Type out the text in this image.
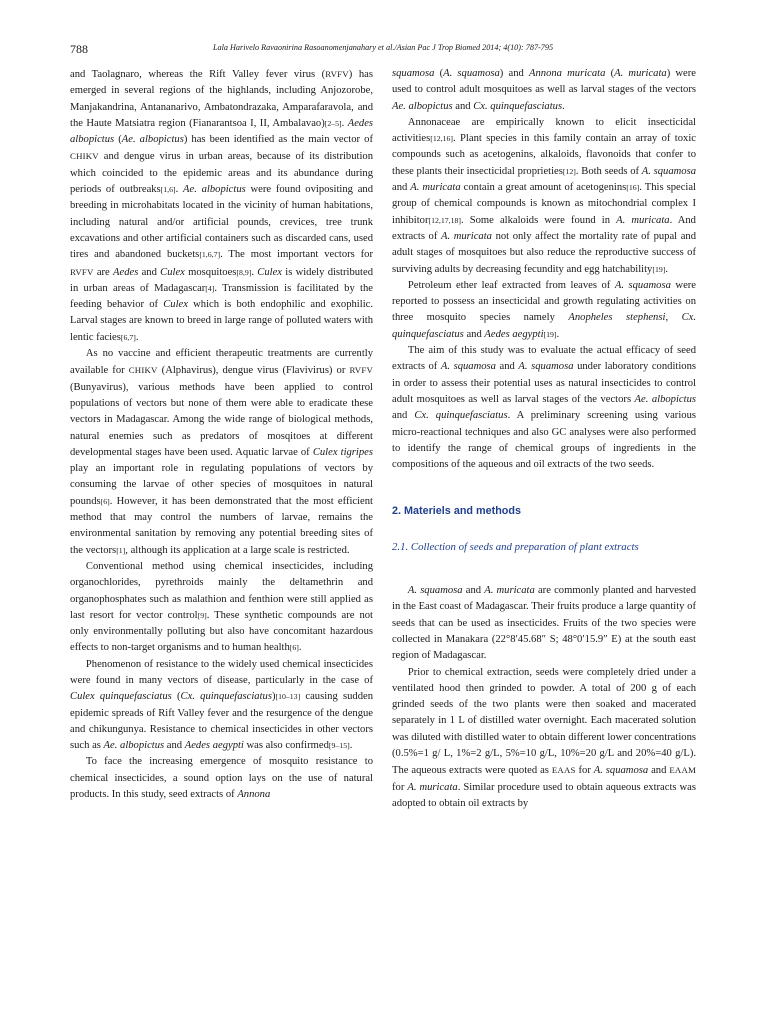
788	Lala Harivelo Ravaonirina Rasoanomenjanahary et al./Asian Pac J Trop Biomed 2014; 4(10): 787-795

and Taolagnaro, whereas the Rift Valley fever virus (RVFV) has emerged in several regions of the highlands, including Anjozorobe, Manjakandrina, Antananarivo, Ambatondrazaka, Amparafaravola, and the Haute Matsiatra region (Fianarantsoa I, II, Ambalavao)[2–5]. Aedes albopictus (Ae. albopictus) has been identified as the main vector of CHIKV and dengue virus in urban areas, because of its distribution which coincided to the epidemic areas and its abundance during periods of outbreaks[1,6]. Ae. albopictus were found ovipositing and breeding in microhabitats located in the vicinity of human habitations, including natural and/or artificial pounds, crevices, tree trunk excavations and other artificial containers such as discarded cans, used tires and abandoned buckets[1,6,7]. The most important vectors for RVFV are Aedes and Culex mosquitoes[8,9]. Culex is widely distributed in urban areas of Madagascar[4]. Transmission is facilitated by the feeding behavior of Culex which is both endophilic and exophilic. Larval stages are known to breed in large range of polluted waters with lentic facies[6,7].

As no vaccine and efficient therapeutic treatments are currently available for CHIKV (Alphavirus), dengue virus (Flavivirus) or RVFV (Bunyavirus), various methods have been applied to control populations of vectors but none of them were able to eradicate these vectors in Madagascar. Among the wide range of biological methods, natural enemies such as predators of mosqitoes at different developmental stages have been used. Aquatic larvae of Culex tigripes play an important role in regulating populations of vectors by consuming the larvae of other species of mosquitoes in natural pounds[6]. However, it has been demonstrated that the most efficient method that may control the numbers of larvae, remains the environmental sanitation by removing any potential breeding sites of the vectors[1], although its application at a large scale is restricted.

Conventional method using chemical insecticides, including organochlorides, pyrethroids mainly the deltamethrin and organophosphates such as malathion and fenthion were still applied as last resort for vector control[9]. These synthetic compounds are not only environmentally polluting but also have concomitant hazardous effects to non-target organisms and to human health[6].

Phenomenon of resistance to the widely used chemical insecticides were found in many vectors of disease, particularly in the case of Culex quinquefasciatus (Cx. quinquefasciatus)[10–13] causing sudden epidemic spreads of Rift Valley fever and the resurgence of the dengue and chikungunya. Resistance to chemical insecticides in other vectors such as Ae. albopictus and Aedes aegypti was also confirmed[9–15].

To face the increasing emergence of mosquito resistance to chemical insecticides, a sound option lays on the use of natural products. In this study, seed extracts of Annona

squamosa (A. squamosa) and Annona muricata (A. muricata) were used to control adult mosquitoes as well as larval stages of the vectors Ae. albopictus and Cx. quinquefasciatus.

Annonaceae are empirically known to elicit insecticidal activities[12,16]. Plant species in this family contain an array of toxic compounds such as acetogenins, alkaloids, flavonoids that confer to these plants their insecticidal proprieties[12]. Both seeds of A. squamosa and A. muricata contain a great amount of acetogenins[16]. This special group of chemical compounds is known as mitochondrial complex I inhibitor[12,17,18]. Some alkaloids were found in A. muricata. And extracts of A. muricata not only affect the mortality rate of pupal and adult stages of mosquitoes but also reduce the reproductive success of surviving adults by decreasing fecundity and egg hatchability[19].

Petroleum ether leaf extracted from leaves of A. squamosa were reported to possess an insecticidal and growth regulating activities on three mosquito species namely Anopheles stephensi, Cx. quinquefasciatus and Aedes aegypti[19].

The aim of this study was to evaluate the actual efficacy of seed extracts of A. squamosa and A. squamosa under laboratory conditions in order to assess their potential uses as natural insecticides to control adult mosquitoes as well as larval stages of the vectors Ae. albopictus and Cx. quinquefasciatus. A preliminary screening using various micro-reactional techniques and also GC analyses were also performed to identify the range of chemical groups of ingredients in the compositions of the aqueous and oil extracts of the two seeds.

2. Materiels and methods

2.1. Collection of seeds and preparation of plant extracts

A. squamosa and A. muricata are commonly planted and harvested in the East coast of Madagascar. Their fruits produce a large quantity of seeds that can be used as insecticides. Fruits of the two species were collected in Manakara (22°8′45.68″ S; 48°0′15.9″ E) at the south east region of Madagascar.

Prior to chemical extraction, seeds were completely dried under a ventilated hood then grinded to powder. A total of 200 g of each grinded seeds of the two plants were then soaked and macerated separately in 1 L of distilled water overnight. Each macerated solution was diluted with distilled water to obtain different lower concentrations (0.5%=1 g/ L, 1%=2 g/L, 5%=10 g/L, 10%=20 g/L and 20%=40 g/L). The aqueous extracts were quoted as EAAS for A. squamosa and EAAM for A. muricata. Similar procedure used to obtain aqueous extracts was adopted to obtain oil extracts by
